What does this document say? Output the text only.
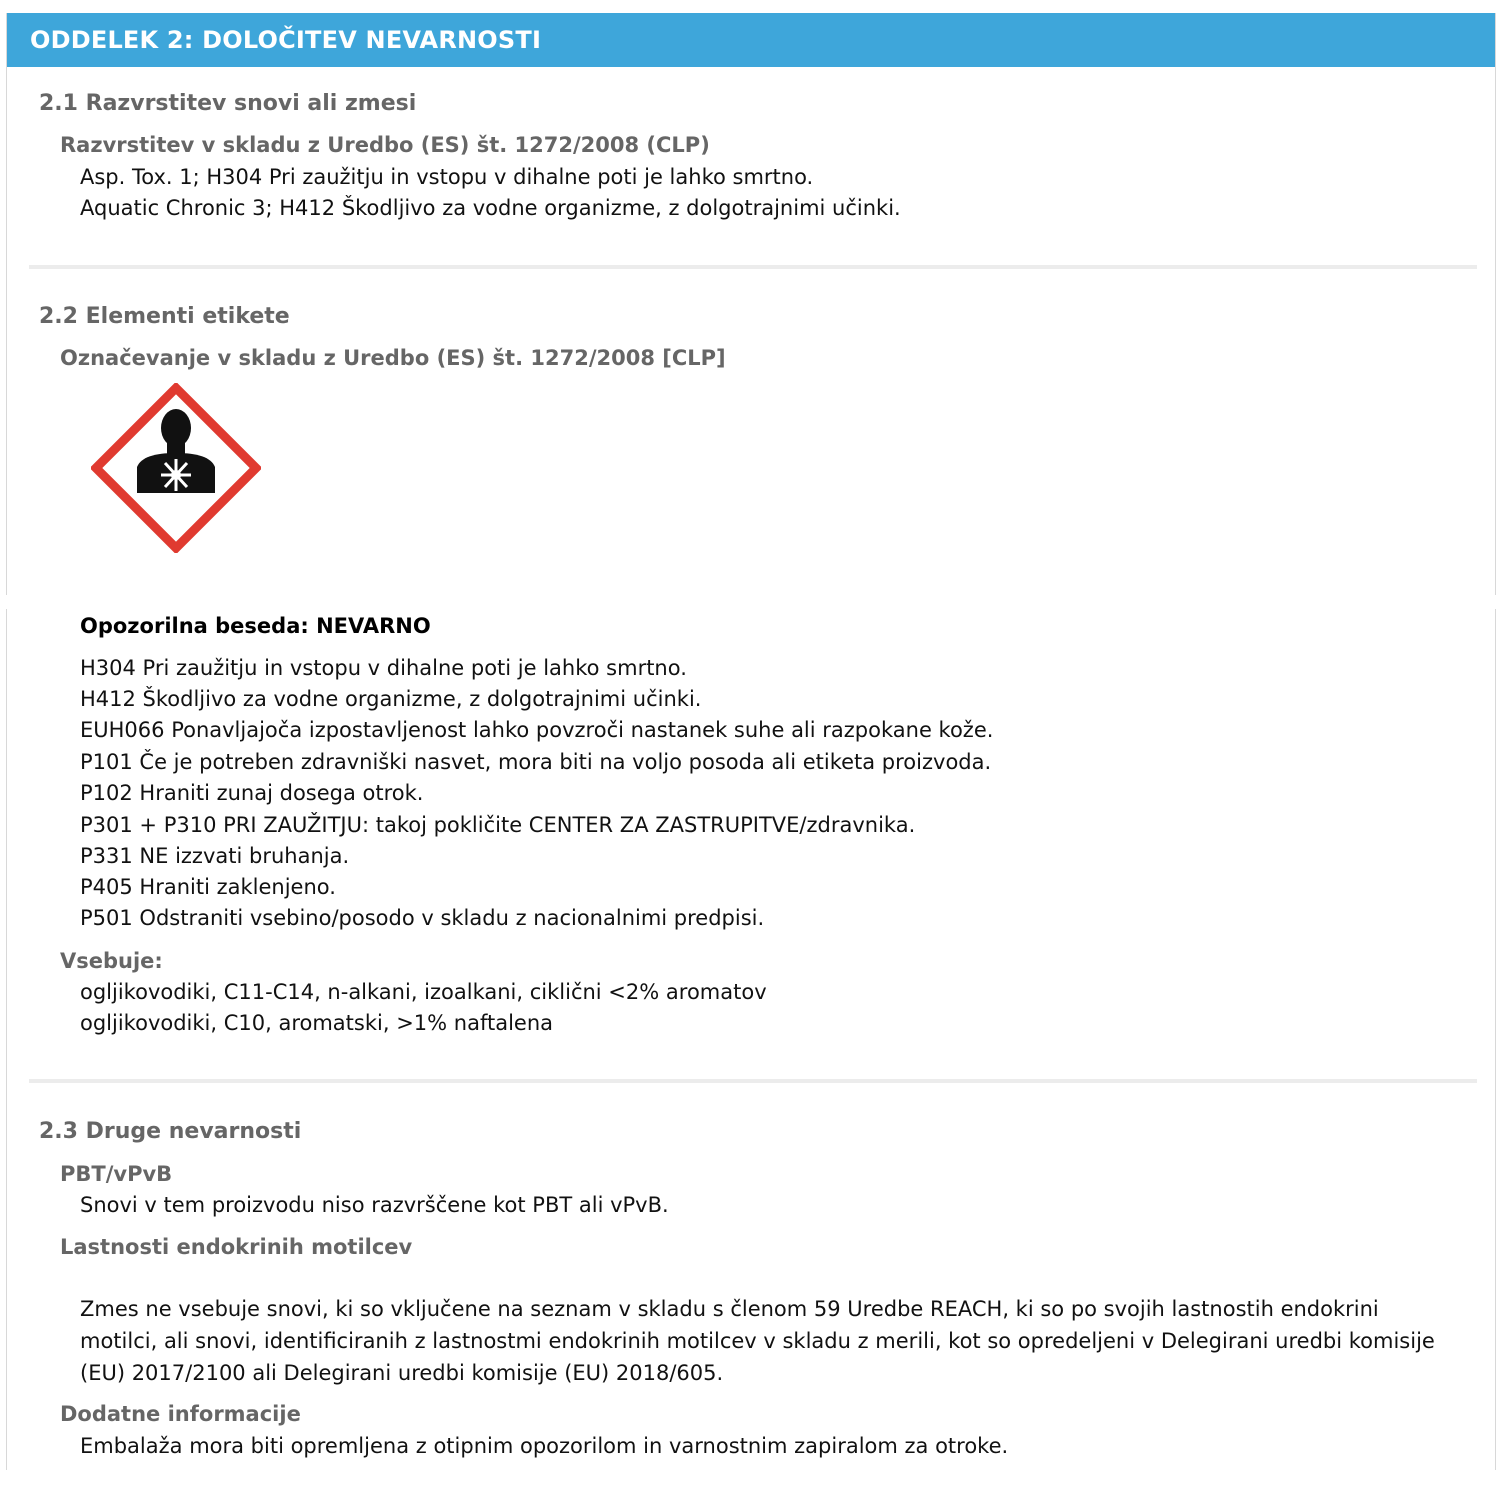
ODDELEK 2: DOLOČITEV NEVARNOSTI
2.1 Razvrstitev snovi ali zmesi
Razvrstitev v skladu z Uredbo (ES) št. 1272/2008 (CLP)
Asp. Tox. 1; H304 Pri zaužitju in vstopu v dihalne poti je lahko smrtno.
Aquatic Chronic 3; H412 Škodljivo za vodne organizme, z dolgotrajnimi učinki.
2.2 Elementi etikete
Označevanje v skladu z Uredbo (ES) št. 1272/2008 [CLP]
Opozorilna beseda: NEVARNO
H304 Pri zaužitju in vstopu v dihalne poti je lahko smrtno.
H412 Škodljivo za vodne organizme, z dolgotrajnimi učinki.
EUH066 Ponavljajoča izpostavljenost lahko povzroči nastanek suhe ali razpokane kože.
P101 Če je potreben zdravniški nasvet, mora biti na voljo posoda ali etiketa proizvoda.
P102 Hraniti zunaj dosega otrok.
P301 + P310 PRI ZAUŽITJU: takoj pokličite CENTER ZA ZASTRUPITVE/zdravnika.
P331 NE izzvati bruhanja.
P405 Hraniti zaklenjeno.
P501 Odstraniti vsebino/posodo v skladu z nacionalnimi predpisi.
Vsebuje:
ogljikovodiki, C11-C14, n-alkani, izoalkani, ciklični <2% aromatov
ogljikovodiki, C10, aromatski, >1% naftalena
2.3 Druge nevarnosti
PBT/vPvB
Snovi v tem proizvodu niso razvrščene kot PBT ali vPvB.
Lastnosti endokrinih motilcev
Zmes ne vsebuje snovi, ki so vključene na seznam v skladu s členom 59 Uredbe REACH, ki so po svojih lastnostih endokrini motilci, ali snovi, identificiranih z lastnostmi endokrinih motilcev v skladu z merili, kot so opredeljeni v Delegirani uredbi komisije (EU) 2017/2100 ali Delegirani uredbi komisije (EU) 2018/605.
Dodatne informacije
Embalaža mora biti opremljena z otipnim opozorilom in varnostnim zapiralom za otroke.
